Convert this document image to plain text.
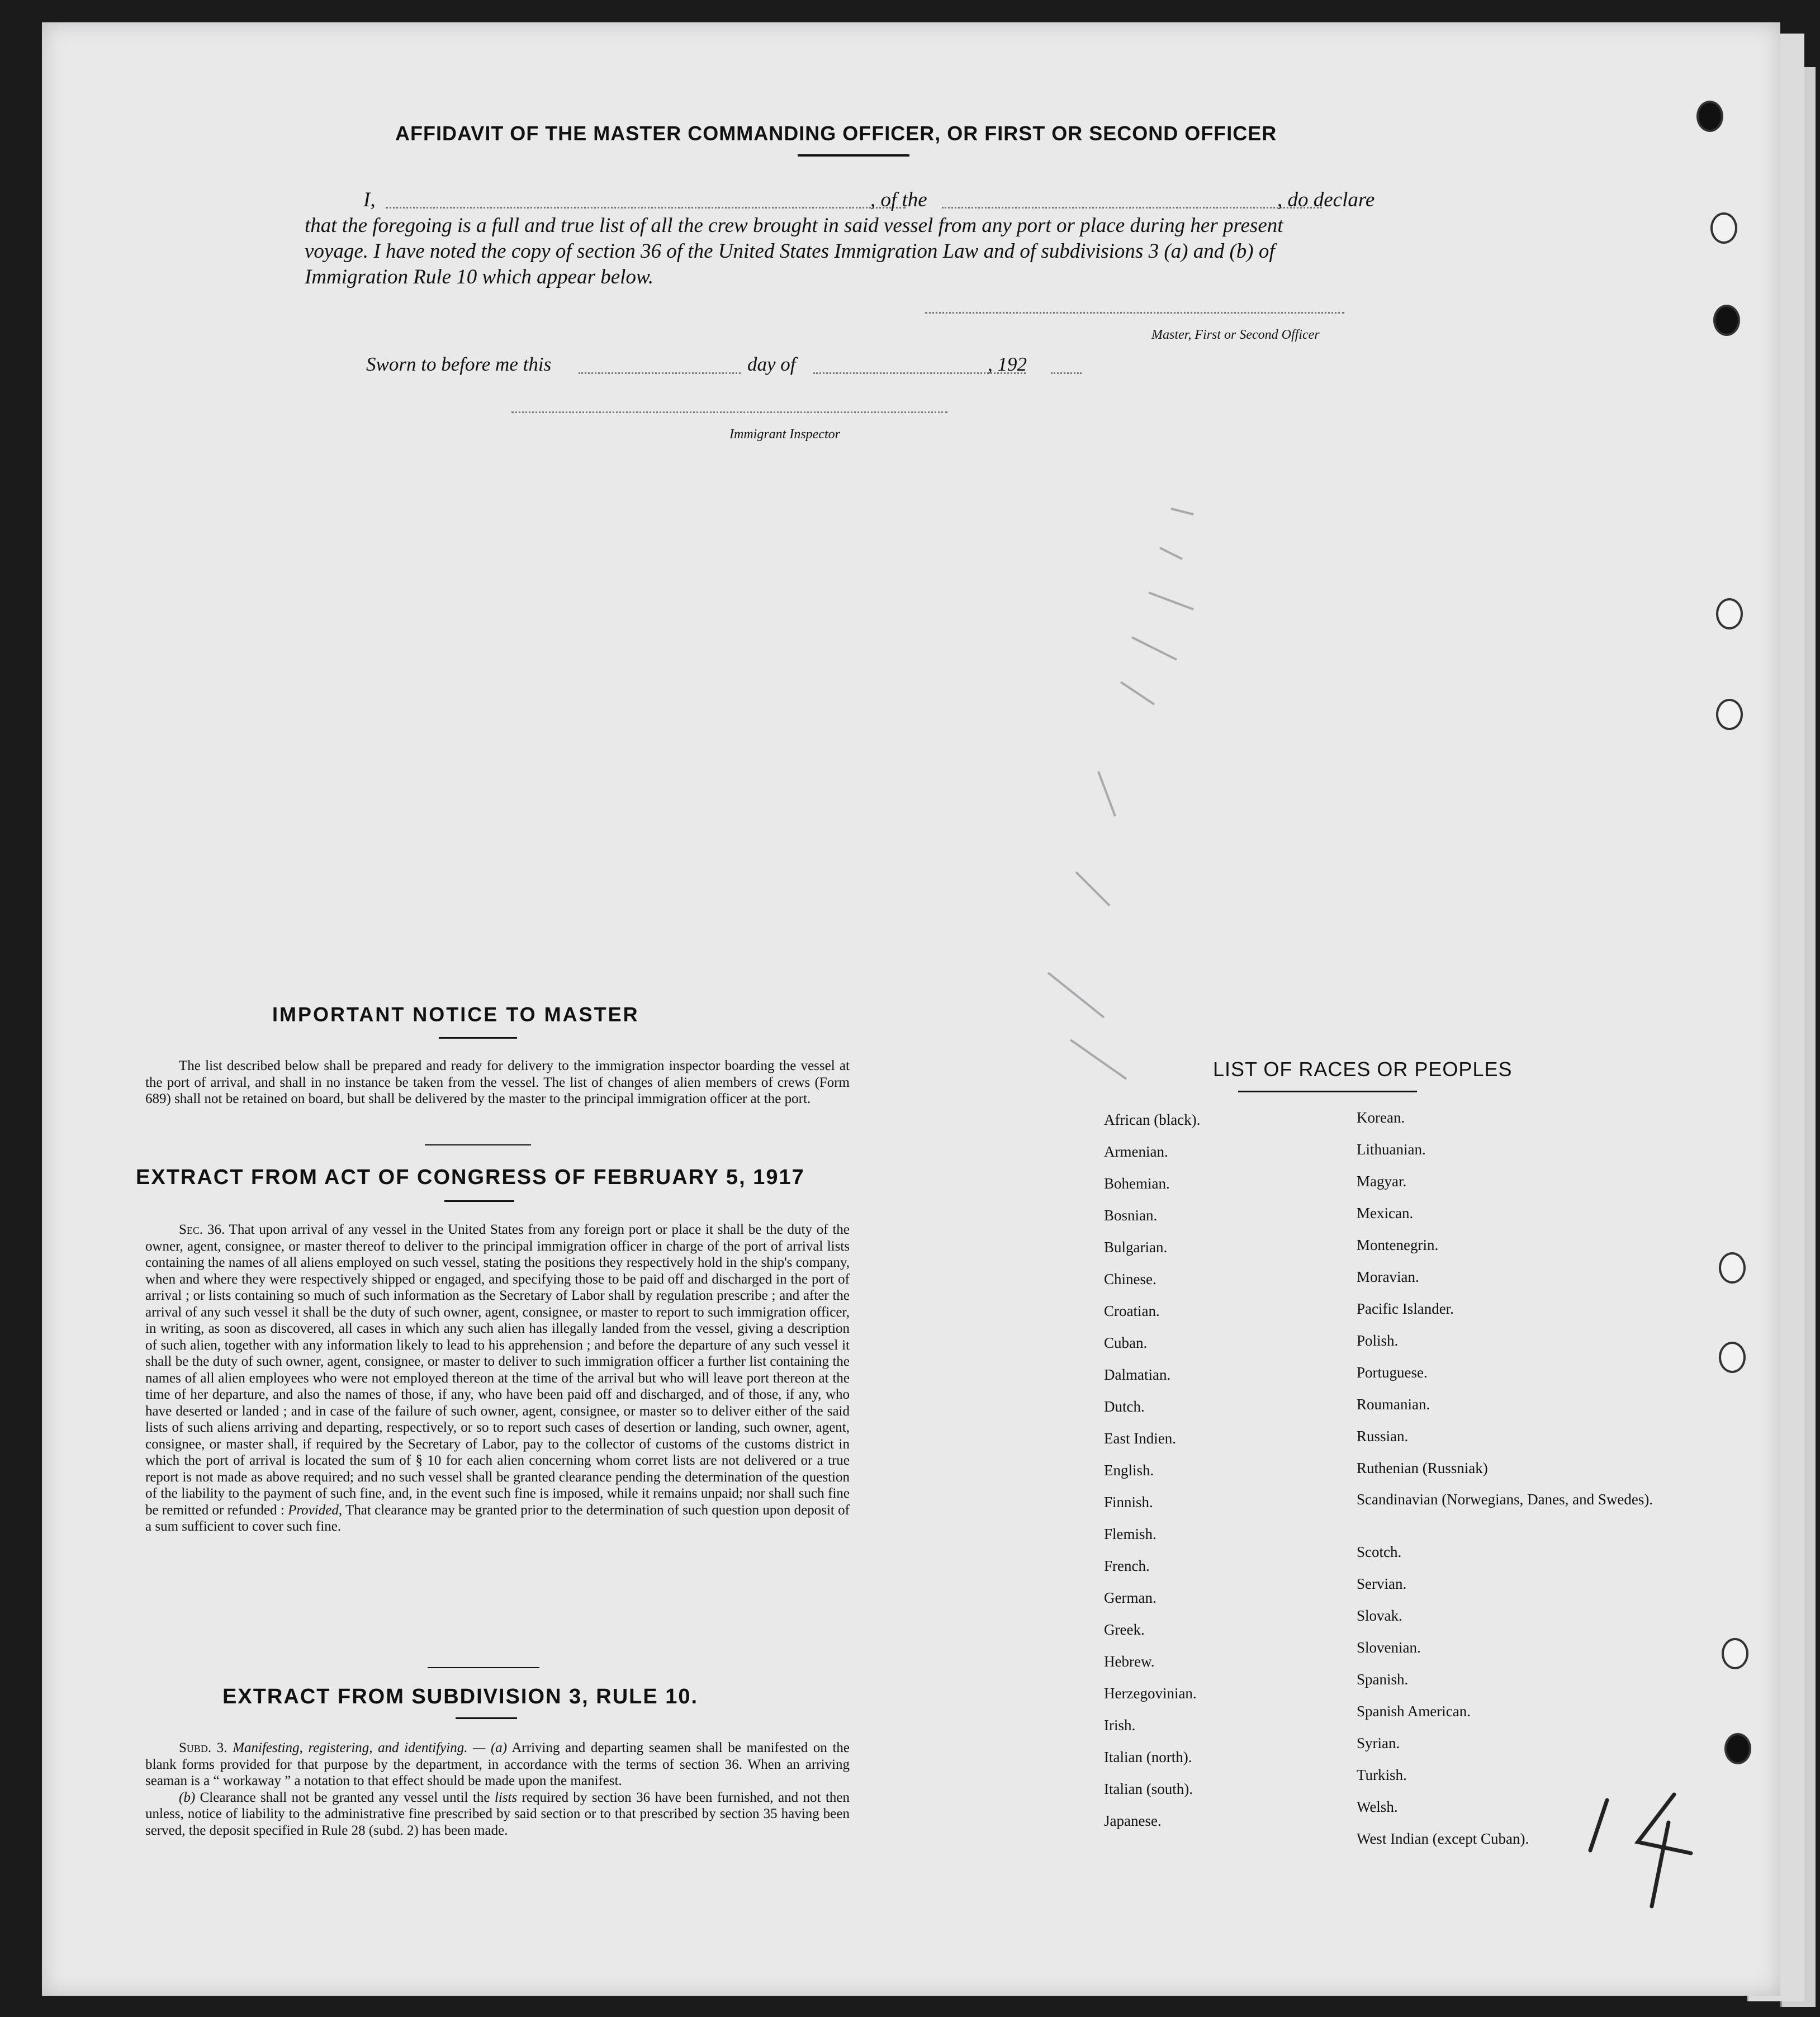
AFFIDAVIT OF THE MASTER COMMANDING OFFICER, OR FIRST OR SECOND OFFICER
I,	, of the	, do declare
that the foregoing is a full and true list of all the crew brought in said vessel from any port or place during her present
voyage. I have noted the copy of section 36 of the United States Immigration Law and of subdivisions 3 (a) and (b) of
Immigration Rule 10 which appear below.
Master, First or Second Officer
Sworn to before me this	day of	, 192
Immigrant Inspector
IMPORTANT NOTICE TO MASTER

The list described below shall be prepared and ready for delivery to the immigration inspector boarding the vessel at the port of arrival, and shall in no instance be taken from the vessel. The list of changes of alien members of crews (Form 689) shall not be retained on board, but shall be delivered by the master to the principal immigration officer at the port.

EXTRACT FROM ACT OF CONGRESS OF FEBRUARY 5, 1917

Sec. 36. That upon arrival of any vessel in the United States from any foreign port or place it shall be the duty of the owner, agent, consignee, or master thereof to deliver to the principal immigration officer in charge of the port of arrival lists containing the names of all aliens employed on such vessel, stating the positions they respectively hold in the ship's company, when and where they were respectively shipped or engaged, and specifying those to be paid off and discharged in the port of arrival ; or lists containing so much of such information as the Secretary of Labor shall by regulation prescribe ; and after the arrival of any such vessel it shall be the duty of such owner, agent, consignee, or master to report to such immigration officer, in writing, as soon as discovered, all cases in which any such alien has illegally landed from the vessel, giving a description of such alien, together with any information likely to lead to his apprehension ; and before the departure of any such vessel it shall be the duty of such owner, agent, consignee, or master to deliver to such immigration officer a further list containing the names of all alien employees who were not employed thereon at the time of the arrival but who will leave port thereon at the time of her departure, and also the names of those, if any, who have been paid off and discharged, and of those, if any, who have deserted or landed ; and in case of the failure of such owner, agent, consignee, or master so to deliver either of the said lists of such aliens arriving and departing, respectively, or so to report such cases of desertion or landing, such owner, agent, consignee, or master shall, if required by the Secretary of Labor, pay to the collector of customs of the customs district in which the port of arrival is located the sum of § 10 for each alien concerning whom corret lists are not delivered or a true report is not made as above required; and no such vessel shall be granted clearance pending the determination of the question of the liability to the payment of such fine, and, in the event such fine is imposed, while it remains unpaid; nor shall such fine be remitted or refunded : Provided, That clearance may be granted prior to the determination of such question upon deposit of a sum sufficient to cover such fine.

EXTRACT FROM SUBDIVISION 3, RULE 10.

Subd. 3. Manifesting, registering, and identifying. — (a) Arriving and departing seamen shall be manifested on the blank forms provided for that purpose by the department, in accordance with the terms of section 36. When an arriving seaman is a “ workaway ” a notation to that effect should be made upon the manifest.

(b) Clearance shall not be granted any vessel until the lists required by section 36 have been furnished, and not then unless, notice of liability to the administrative fine prescribed by said section or to that prescribed by section 35 having been served, the deposit specified in Rule 28 (subd. 2) has been made.

LIST OF RACES OR PEOPLES
African (black).
Armenian.
Bohemian.
Bosnian.
Bulgarian.
Chinese.
Croatian.
Cuban.
Dalmatian.
Dutch.
East Indien.
English.
Finnish.
Flemish.
French.
German.
Greek.
Hebrew.
Herzegovinian.
Irish.
Italian (north).
Italian (south).
Japanese.
Korean.
Lithuanian.
Magyar.
Mexican.
Montenegrin.
Moravian.
Pacific Islander.
Polish.
Portuguese.
Roumanian.
Russian.
Ruthenian (Russniak)
Scandinavian (Norwegians, Danes, and Swedes).
Scotch.
Servian.
Slovak.
Slovenian.
Spanish.
Spanish American.
Syrian.
Turkish.
Welsh.
West Indian (except Cuban).
14
